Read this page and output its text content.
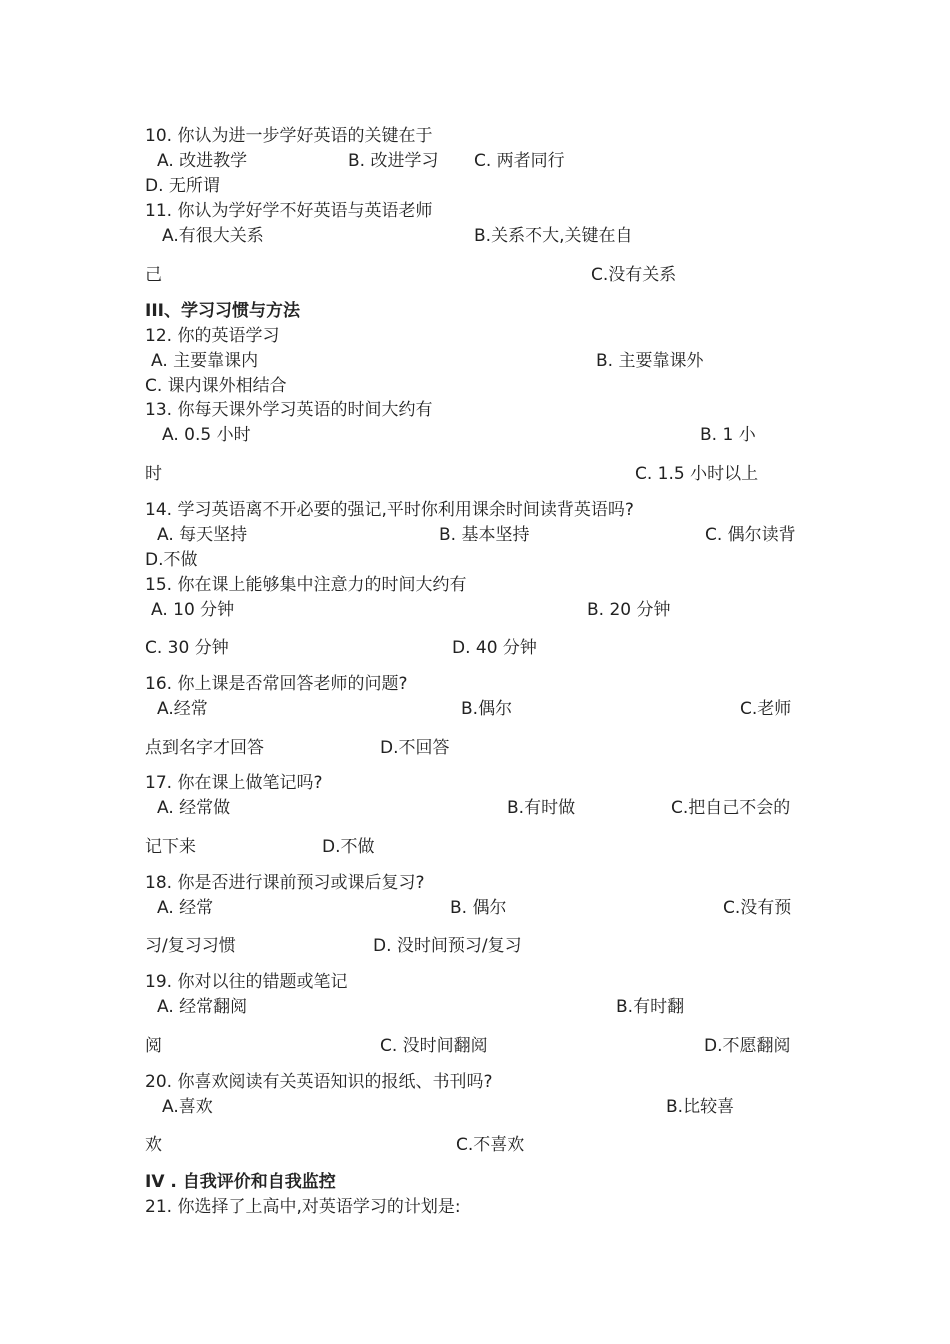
10. 你认为进一步学好英语的关键在于
A. 改进教学	B. 改进学习 C. 两者同行
D. 无所谓
11. 你认为学好学不好英语与英语老师
A.有很大关系	B.关系不大,关键在自
己	C.没有关系
III、学习习惯与方法
12. 你的英语学习
A. 主要靠课内	B. 主要靠课外
C. 课内课外相结合
13. 你每天课外学习英语的时间大约有
A. 0.5 小时	B. 1 小
时	C. 1.5 小时以上
14. 学习英语离不开必要的强记,平时你利用课余时间读背英语吗?
A. 每天坚持	B. 基本坚持	C. 偶尔读背
D.不做
15. 你在课上能够集中注意力的时间大约有
A. 10 分钟	B. 20 分钟
C. 30 分钟	D. 40 分钟
16. 你上课是否常回答老师的问题?
A.经常	B.偶尔	C.老师
点到名字才回答	D.不回答
17. 你在课上做笔记吗?
A. 经常做	B.有时做	C.把自己不会的
记下来	D.不做
18. 你是否进行课前预习或课后复习?
A. 经常	B. 偶尔	C.没有预
习/复习习惯	D. 没时间预习/复习
19. 你对以往的错题或笔记
A. 经常翻阅	B.有时翻
阅	C. 没时间翻阅	D.不愿翻阅
20. 你喜欢阅读有关英语知识的报纸、书刊吗?
A.喜欢	B.比较喜
欢	C.不喜欢
IV . 自我评价和自我监控
21. 你选择了上高中,对英语学习的计划是:
